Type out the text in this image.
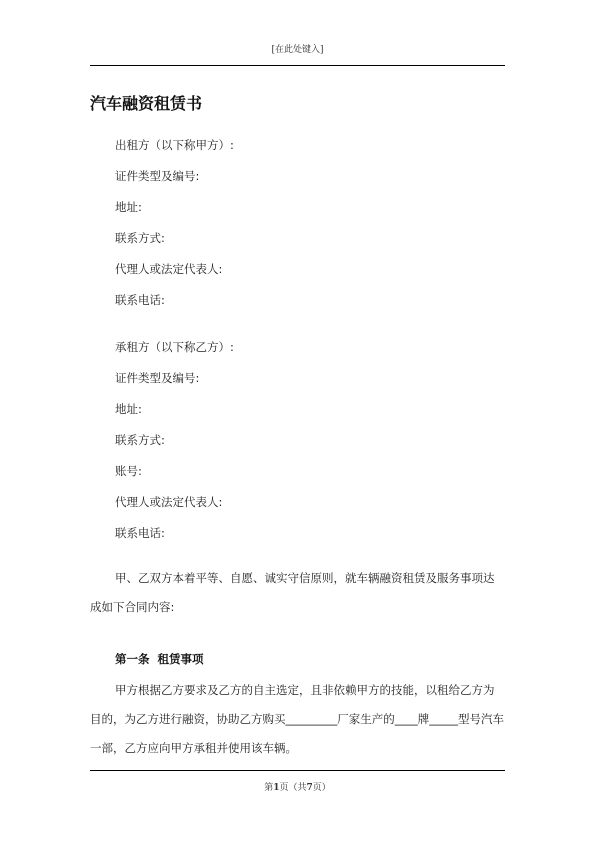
[在此处键入]
汽车融资租赁书
出租方（以下称甲方）:
证件类型及编号:
地址:
联系方式:
代理人或法定代表人:
联系电话:
承租方（以下称乙方）:
证件类型及编号:
地址:
联系方式:
账号:
代理人或法定代表人:
联系电话:
甲、乙双方本着平等、自愿、诚实守信原则，就车辆融资租赁及服务事项达成如下合同内容:
第一条 租赁事项
甲方根据乙方要求及乙方的自主选定，且非依赖甲方的技能，以租给乙方为目的，为乙方进行融资，协助乙方购买_________厂家生产的____牌_____型号汽车一部，乙方应向甲方承租并使用该车辆。
第1页（共7页）
